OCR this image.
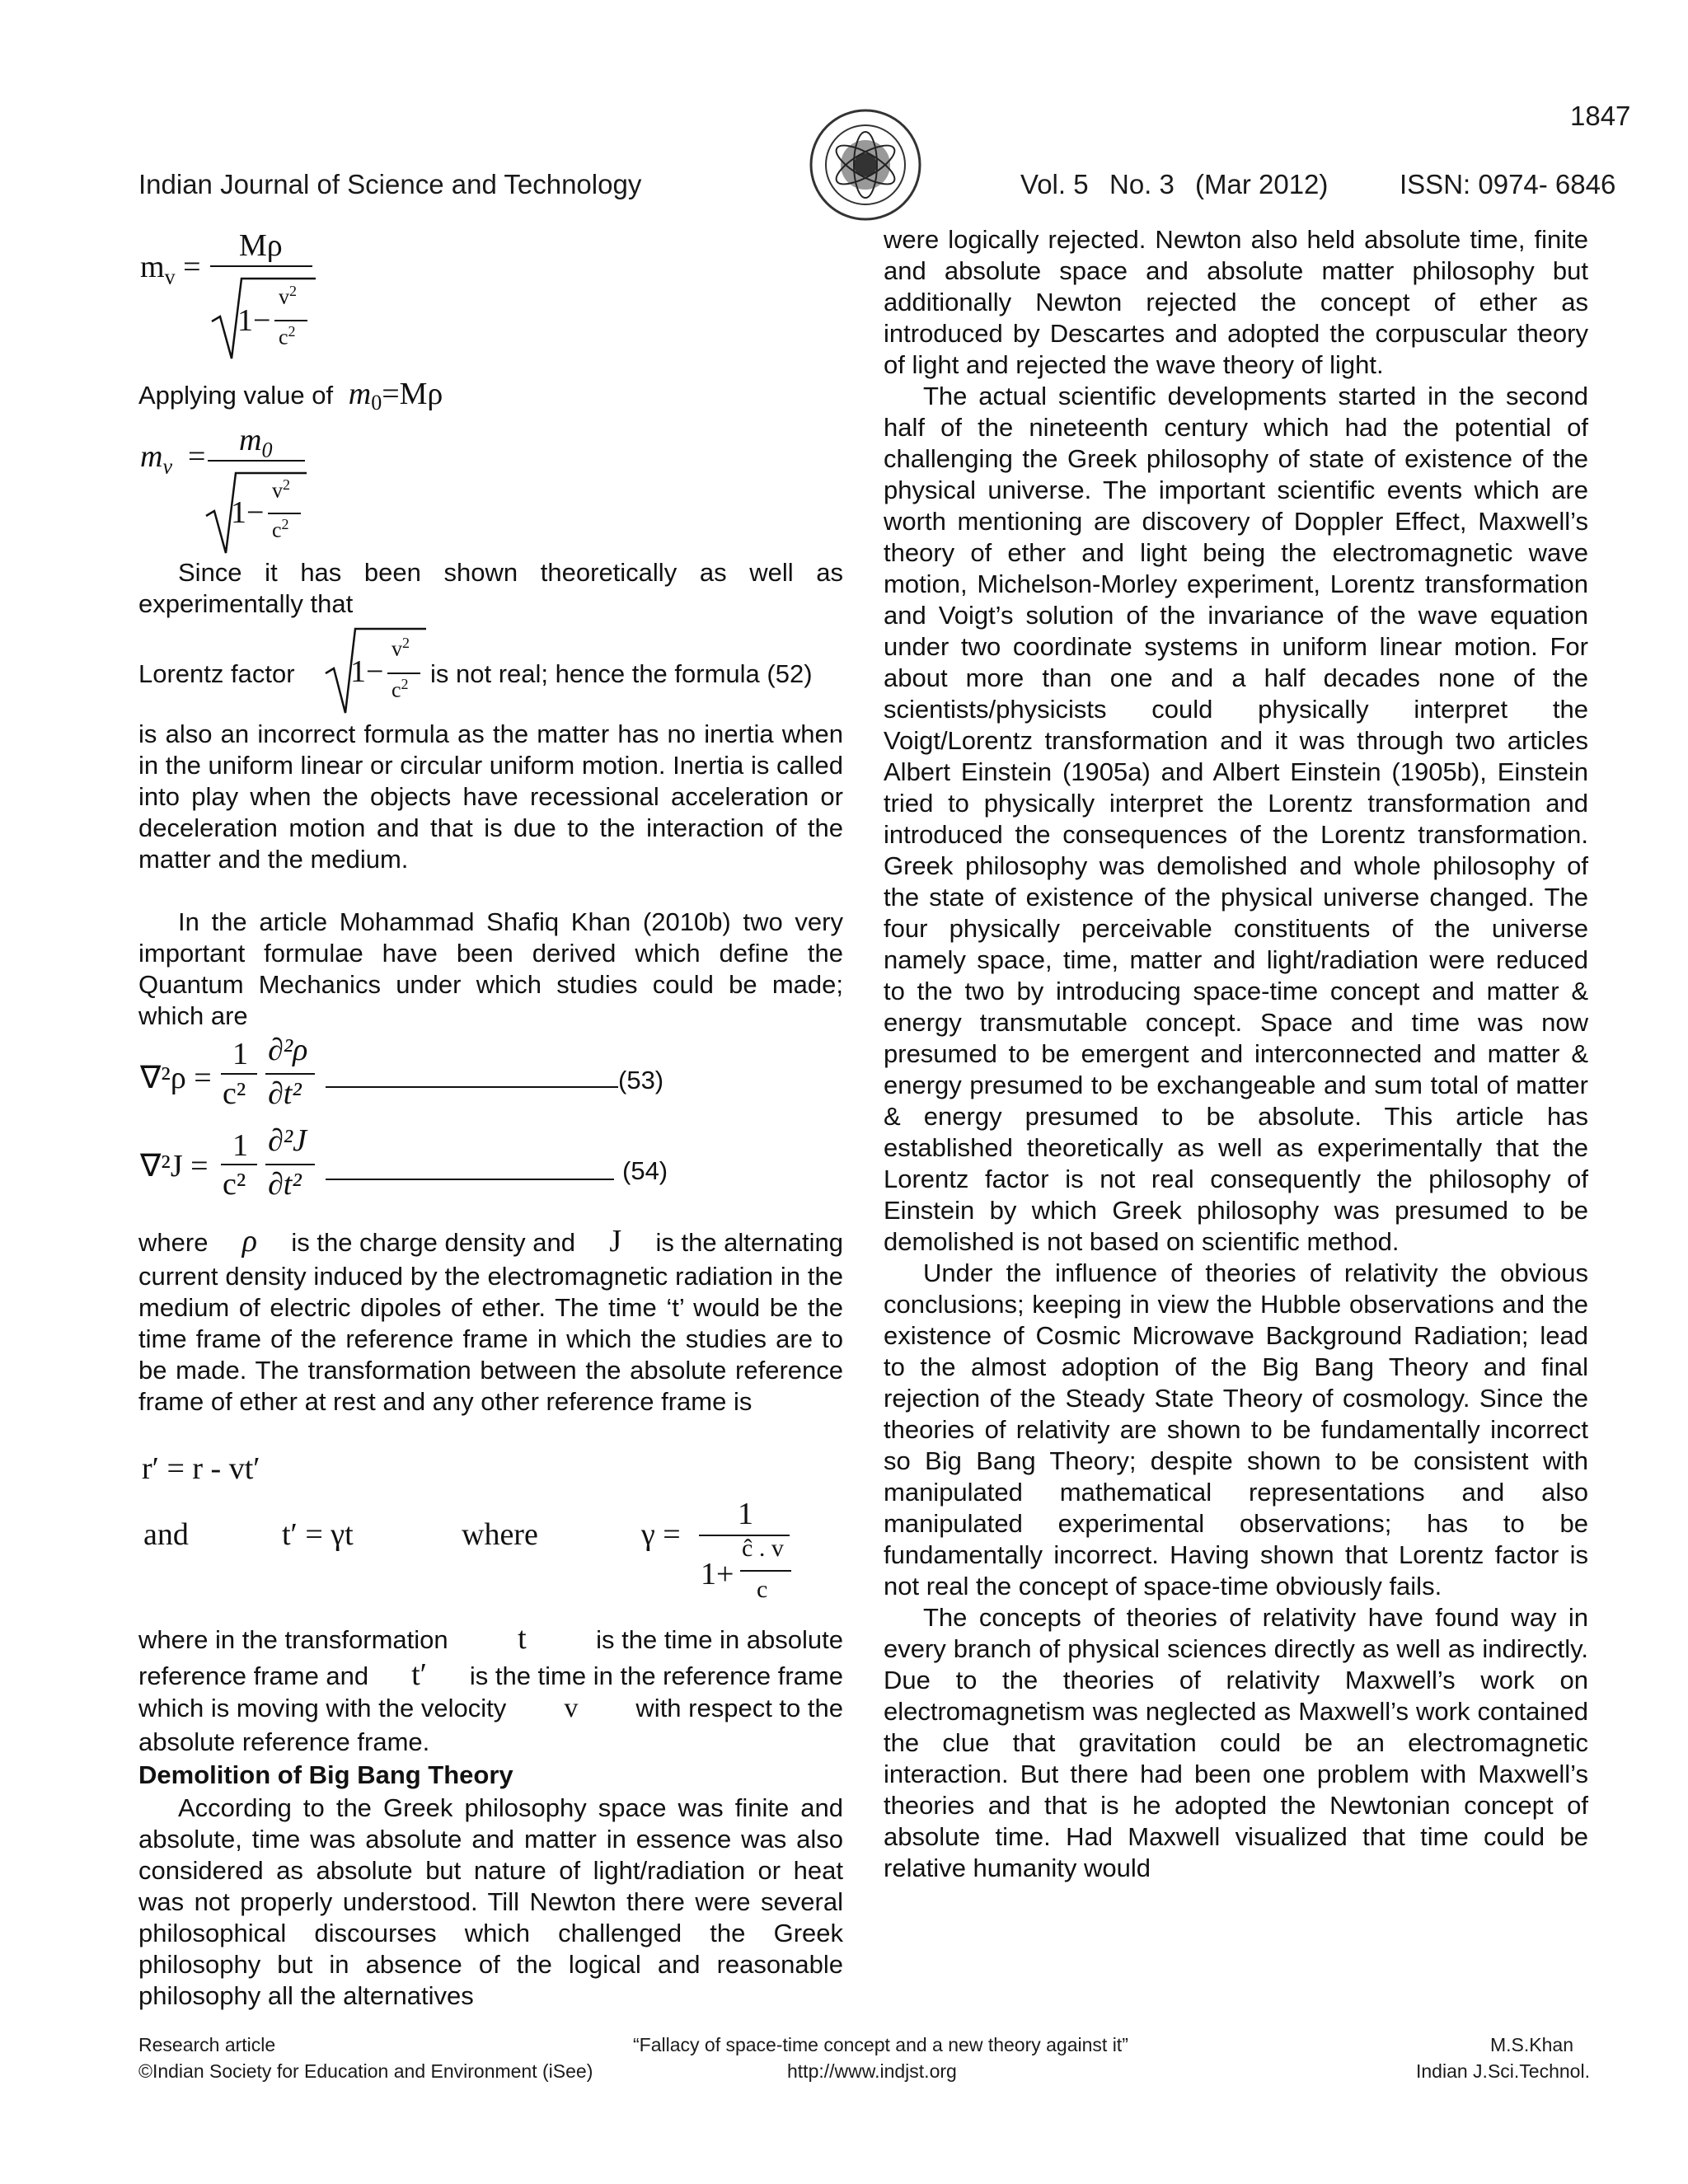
1847
Indian Journal of Science and Technology	Vol. 5 No. 3 (Mar 2012)	ISSN: 0974- 6846
$m_v$ =
Mρ
1−
$v^2$
$c^2$
Applying value of $m_0=M\rho$
$m_v = m_0$
1−
$v^2$
$c^2$

Since it has been shown theoretically as well as experimentally that

Lorentz factor 1−
$v^2$
$c^2$ is not real; hence the formula (52)

is also an incorrect formula as the matter has no inertia when in the uniform linear or circular uniform motion. Inertia is called into play when the objects have recessional acceleration or deceleration motion and that is due to the interaction of the matter and the medium.

In the article Mohammad Shafiq Khan (2010b) two very important formulae have been derived which define the Quantum Mechanics under which studies could be made; which are

∇²ρ =
1
c²
∂²ρ
∂t²	(53)
∇²J =
1
c²
∂²J
∂t²	(54)
where ρ is the charge density and J is the alternating

current density induced by the electromagnetic radiation in the medium of electric dipoles of ether. The time ‘t’ would be the time frame of the reference frame in which the studies are to be made. The transformation between the absolute reference frame of ether at rest and any other reference frame is

r′ = r - vt′
and	t′ = γt	where	γ =
1
1+
ĉ . v
c
where in the transformation t	is the time in absolute
reference frame and t′ is the time in the reference frame
which is moving with the velocity v with respect to the
absolute reference frame.
Demolition of Big Bang Theory

According to the Greek philosophy space was finite and absolute, time was absolute and matter in essence was also considered as absolute but nature of light/radiation or heat was not properly understood. Till Newton there were several philosophical discourses which challenged the Greek philosophy but in absence of the logical and reasonable philosophy all the alternatives

were logically rejected. Newton also held absolute time, finite and absolute space and absolute matter philosophy but additionally Newton rejected the concept of ether as introduced by Descartes and adopted the corpuscular theory of light and rejected the wave theory of light.

The actual scientific developments started in the second half of the nineteenth century which had the potential of challenging the Greek philosophy of state of existence of the physical universe. The important scientific events which are worth mentioning are discovery of Doppler Effect, Maxwell’s theory of ether and light being the electromagnetic wave motion, Michelson-Morley experiment, Lorentz transformation and Voigt’s solution of the invariance of the wave equation under two coordinate systems in uniform linear motion. For about more than one and a half decades none of the scientists/physicists could physically interpret the Voigt/Lorentz transformation and it was through two articles Albert Einstein (1905a) and Albert Einstein (1905b), Einstein tried to physically interpret the Lorentz transformation and introduced the consequences of the Lorentz transformation. Greek philosophy was demolished and whole philosophy of the state of existence of the physical universe changed. The four physically perceivable constituents of the universe namely space, time, matter and light/radiation were reduced to the two by introducing space-time concept and matter & energy transmutable concept. Space and time was now presumed to be emergent and interconnected and matter & energy presumed to be exchangeable and sum total of matter & energy presumed to be absolute. This article has established theoretically as well as experimentally that the Lorentz factor is not real consequently the philosophy of Einstein by which Greek philosophy was presumed to be demolished is not based on scientific method.

Under the influence of theories of relativity the obvious conclusions; keeping in view the Hubble observations and the existence of Cosmic Microwave Background Radiation; lead to the almost adoption of the Big Bang Theory and final rejection of the Steady State Theory of cosmology. Since the theories of relativity are shown to be fundamentally incorrect so Big Bang Theory; despite shown to be consistent with manipulated mathematical representations and also manipulated experimental observations; has to be fundamentally incorrect. Having shown that Lorentz factor is not real the concept of space-time obviously fails.

The concepts of theories of relativity have found way in every branch of physical sciences directly as well as indirectly. Due to the theories of relativity Maxwell’s work on electromagnetism was neglected as Maxwell’s work contained the clue that gravitation could be an electromagnetic interaction. But there had been one problem with Maxwell’s theories and that is he adopted the Newtonian concept of absolute time. Had Maxwell visualized that time could be relative humanity would

Research article	“Fallacy of space-time concept and a new theory against it”	M.S.Khan
©Indian Society for Education and Environment (iSee)	http://www.indjst.org	Indian J.Sci.Technol.
